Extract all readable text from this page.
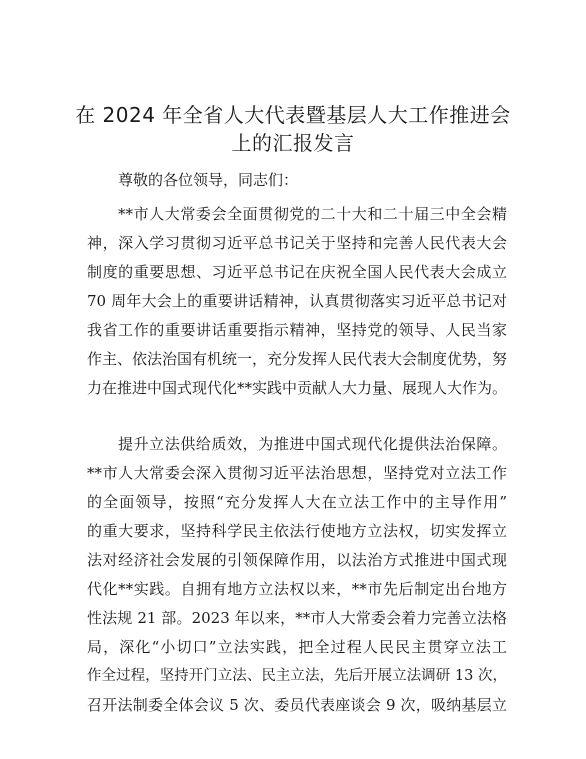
在 2024 年全省人大代表暨基层人大工作推进会
上的汇报发言

尊敬的各位领导，同志们：

**市人大常委会全面贯彻党的二十大和二十届三中全会精

神，深入学习贯彻习近平总书记关于坚持和完善人民代表大会

制度的重要思想、习近平总书记在庆祝全国人民代表大会成立

70 周年大会上的重要讲话精神，认真贯彻落实习近平总书记对

我省工作的重要讲话重要指示精神，坚持党的领导、人民当家

作主、依法治国有机统一，充分发挥人民代表大会制度优势，努

力在推进中国式现代化**实践中贡献人大力量、展现人大作为。

提升立法供给质效，为推进中国式现代化提供法治保障。

**市人大常委会深入贯彻习近平法治思想，坚持党对立法工作

的全面领导，按照“充分发挥人大在立法工作中的主导作用”

的重大要求，坚持科学民主依法行使地方立法权，切实发挥立

法对经济社会发展的引领保障作用，以法治方式推进中国式现

代化**实践。自拥有地方立法权以来，**市先后制定出台地方

性法规 21 部。2023 年以来，**市人大常委会着力完善立法格

局，深化“小切口”立法实践，把全过程人民民主贯穿立法工

作全过程，坚持开门立法、民主立法，先后开展立法调研 13 次，

召开法制委全体会议 5 次、委员代表座谈会 9 次，吸纳基层立
